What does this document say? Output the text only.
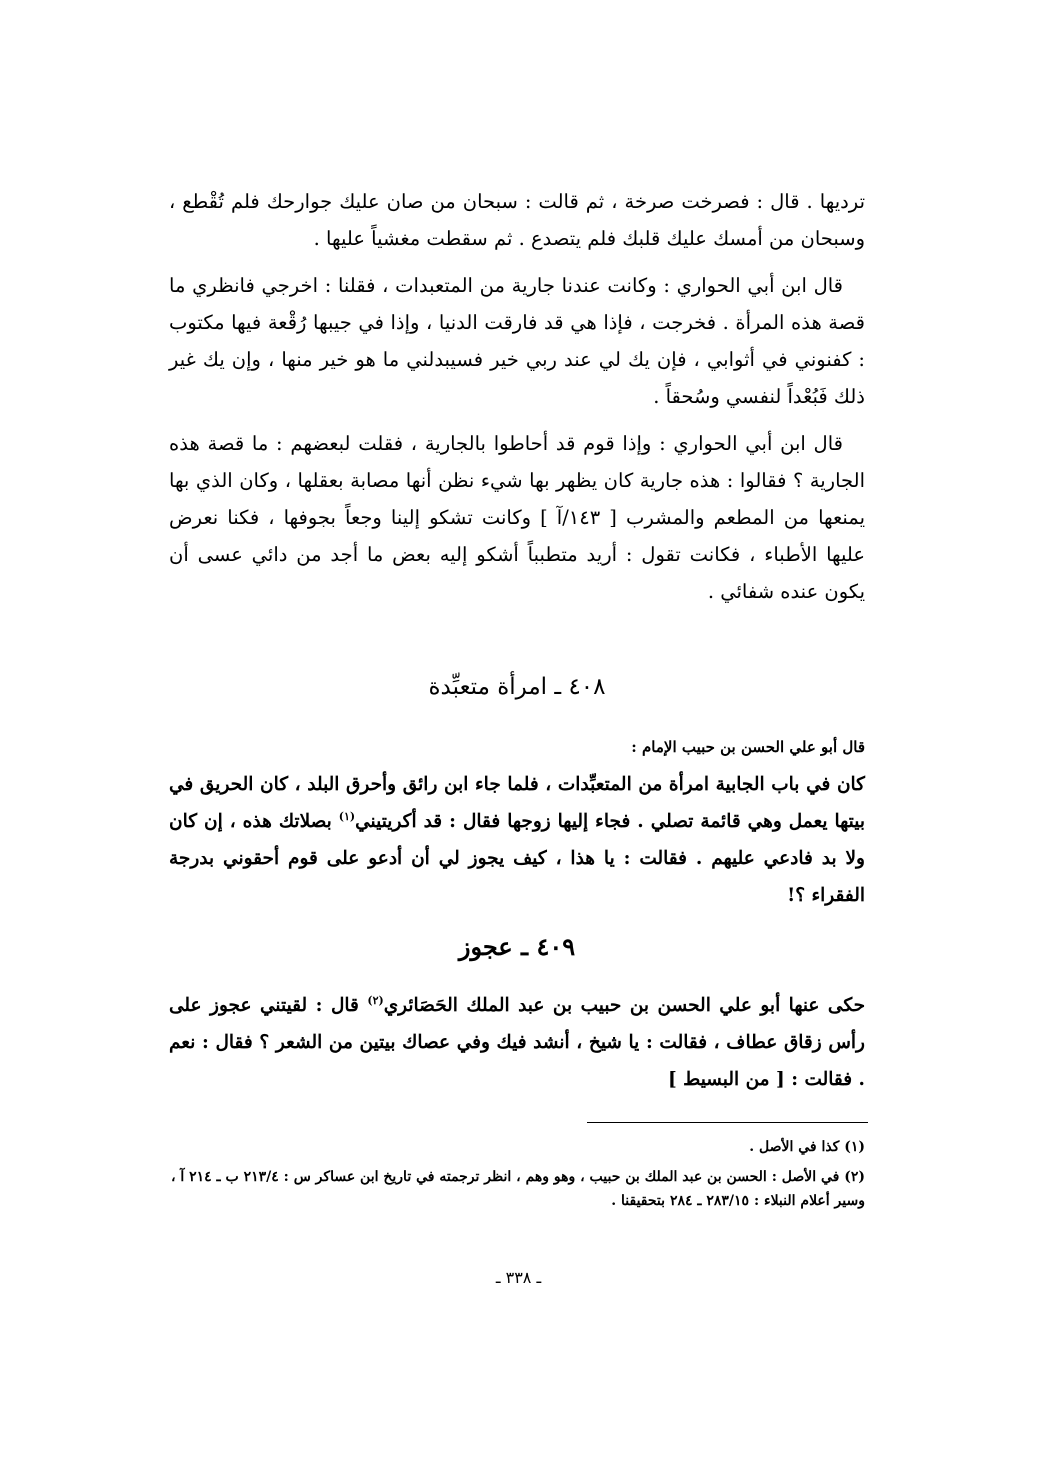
ترديها . قال : فصرخت صرخة ، ثم قالت : سبحان من صان عليك جوارحك فلم تُقْطع ، وسبحان من أمسك عليك قلبك فلم يتصدع . ثم سقطت مغشياً عليها .

قال ابن أبي الحواري : وكانت عندنا جارية من المتعبدات ، فقلنا : اخرجي فانظري ما قصة هذه المرأة . فخرجت ، فإذا هي قد فارقت الدنيا ، وإذا في جيبها رُقْعة فيها مكتوب : كفنوني في أثوابي ، فإن يك لي عند ربي خير فسيبدلني ما هو خير منها ، وإن يك غير ذلك فَبُعْداً لنفسي وسُحقاً .

قال ابن أبي الحواري : وإذا قوم قد أحاطوا بالجارية ، فقلت لبعضهم : ما قصة هذه الجارية ؟ فقالوا : هذه جارية كان يظهر بها شيء نظن أنها مصابة بعقلها ، وكان الذي بها يمنعها من المطعم والمشرب [ ١٤٣/آ ] وكانت تشكو إلينا وجعاً بجوفها ، فكنا نعرض عليها الأطباء ، فكانت تقول : أريد متطبباً أشكو إليه بعض ما أجد من دائي عسى أن يكون عنده شفائي .

٤٠٨ ـ امرأة متعبِّدة
قال أبو علي الحسن بن حبيب الإمام :
كان في باب الجابية امرأة من المتعبِّدات ، فلما جاء ابن رائق وأحرق البلد ، كان الحريق في بيتها يعمل وهي قائمة تصلي . فجاء إليها زوجها فقال : قد أكريتيني$^{(١)}$ بصلاتك هذه ، إن كان ولا بد فادعي عليهم . فقالت : يا هذا ، كيف يجوز لي أن أدعو على قوم أحقوني بدرجة الفقراء ؟!
٤٠٩ ـ عجوز
حكى عنها أبو علي الحسن بن حبيب بن عبد الملك الحَصَائري$^{(٢)}$ قال : لقيتني عجوز على رأس زقاق عطاف ، فقالت : يا شيخ ، أنشد فيك وفي عصاك بيتين من الشعر ؟ فقال : نعم . فقالت : [ من البسيط ]

(١) كذا في الأصل .

(٢) في الأصل : الحسن بن عبد الملك بن حبيب ، وهو وهم ، انظر ترجمته في تاريخ ابن عساكر س : ٢١٣/٤ ب ـ ٢١٤ آ ، وسير أعلام النبلاء : ٢٨٣/١٥ ـ ٢٨٤ بتحقيقنا .

ـ ٣٣٨ ـ
